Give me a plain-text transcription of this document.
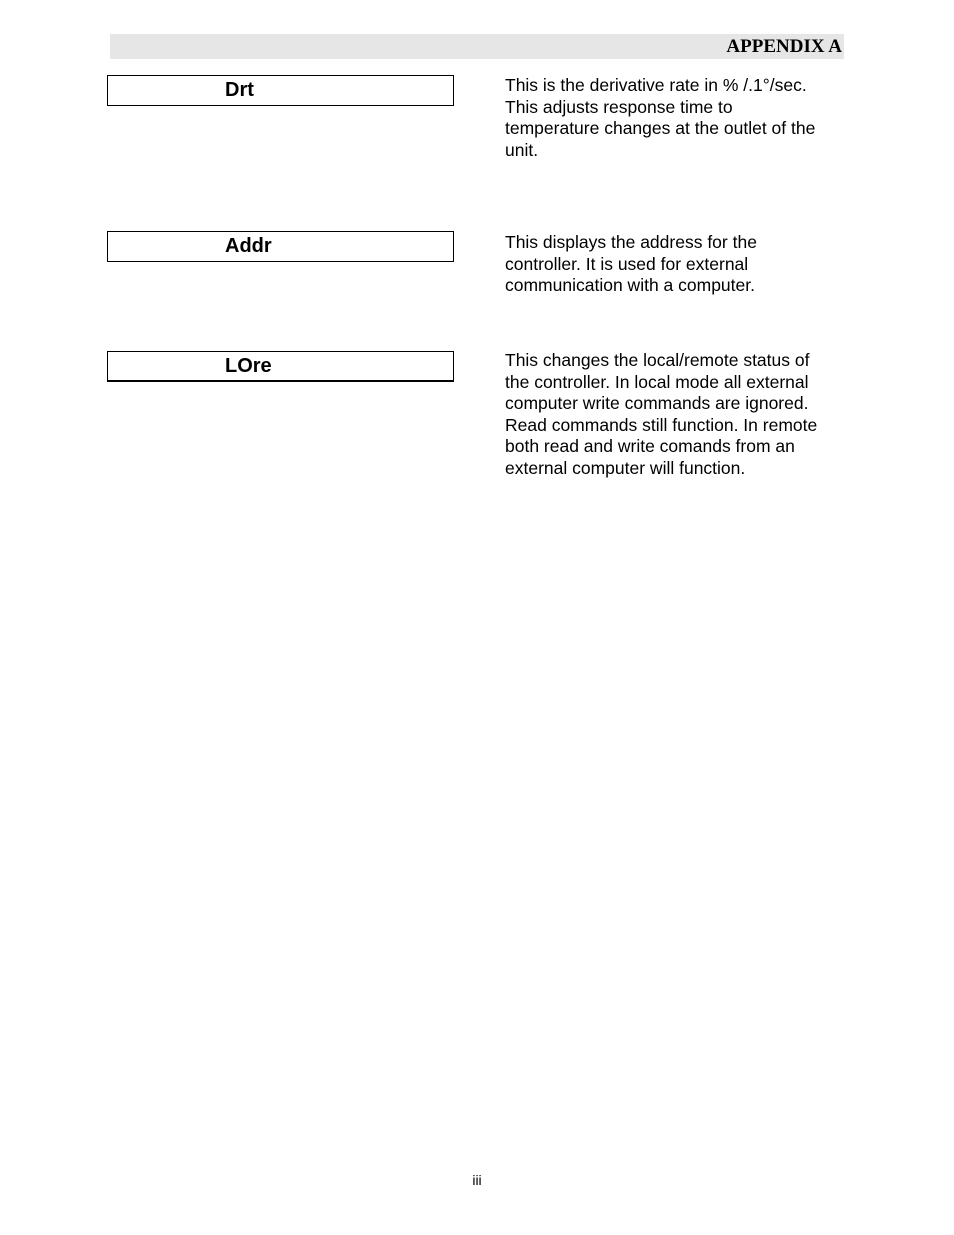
APPENDIX A
Drt	This is the derivative rate in % /.1°/sec.

This adjusts response time to

temperature changes at the outlet of the

unit.

Addr	This displays the address for the

controller. It is used for external

communication with a computer.

LOre	This changes the local/remote status of

the controller. In local mode all external

computer write commands are ignored.

Read commands still function. In remote

both read and write comands from an

external computer will function.

iii
